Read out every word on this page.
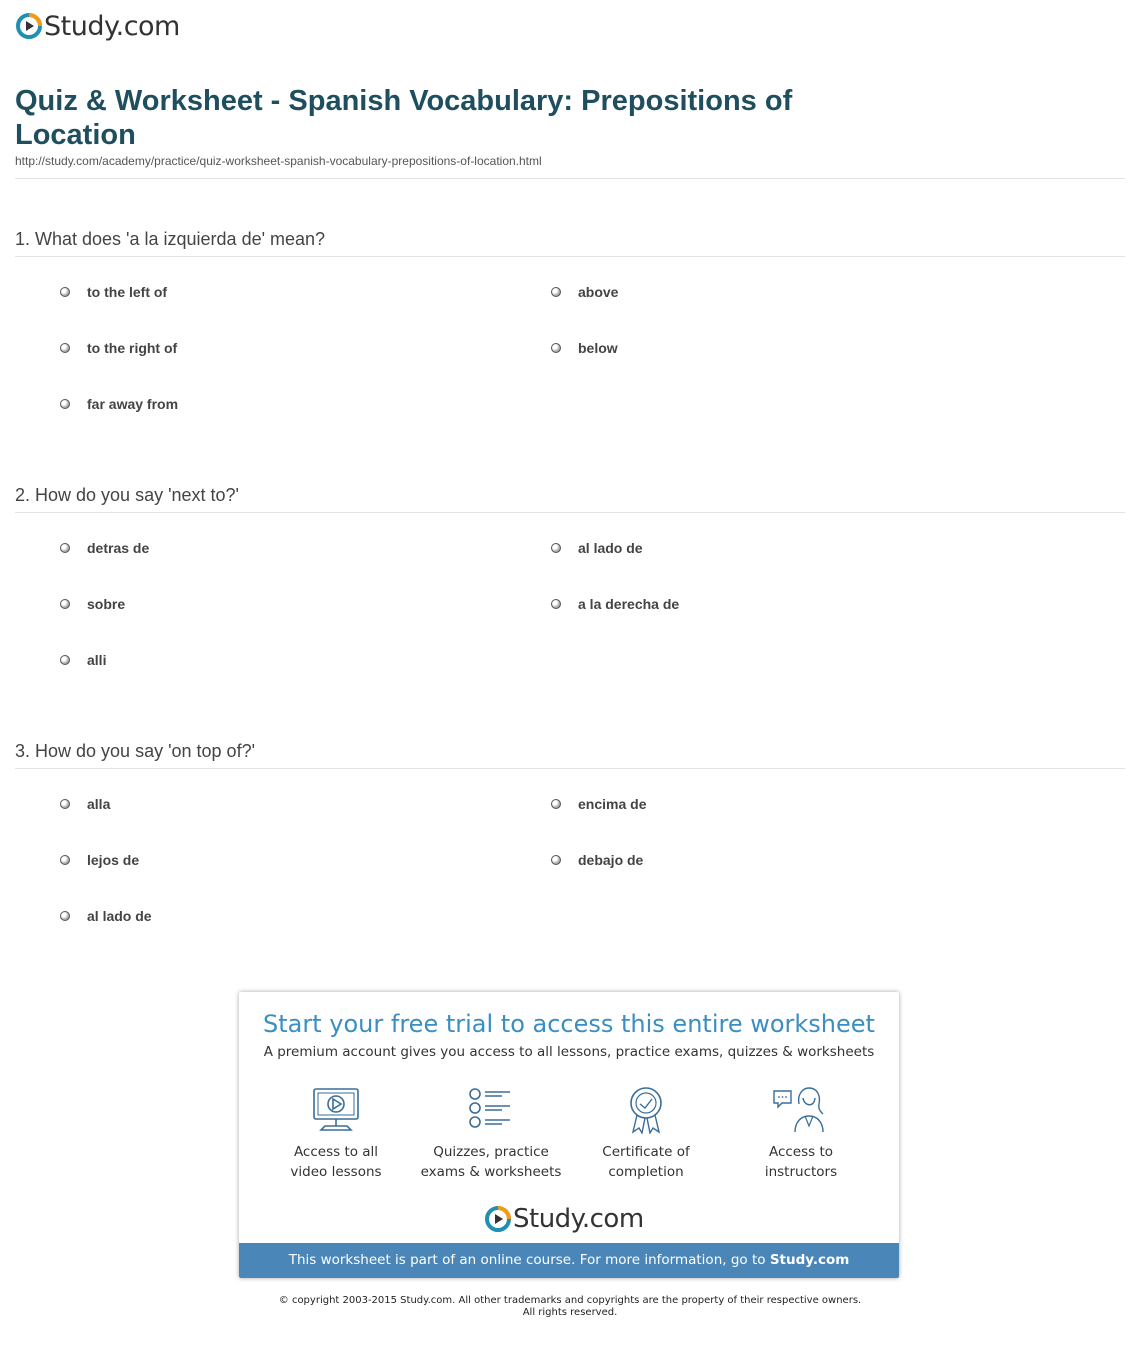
Study.com
Quiz & Worksheet - Spanish Vocabulary: Prepositions of Location
http://study.com/academy/practice/quiz-worksheet-spanish-vocabulary-prepositions-of-location.html
1. What does 'a la izquierda de' mean?
to the left of	above
to the right of	below
far away from
2. How do you say 'next to?'
detras de	al lado de
sobre	a la derecha de
alli
3. How do you say 'on top of?'
alla	encima de
lejos de	debajo de
al lado de
Start your free trial to access this entire worksheet
A premium account gives you access to all lessons, practice exams, quizzes & worksheets
Access to all
video lessons
Quizzes, practice
exams & worksheets
Certificate of
completion
Access to
instructors
Study.com
This worksheet is part of an online course. For more information, go to Study.com
© copyright 2003-2015 Study.com. All other trademarks and copyrights are the property of their respective owners.
All rights reserved.
